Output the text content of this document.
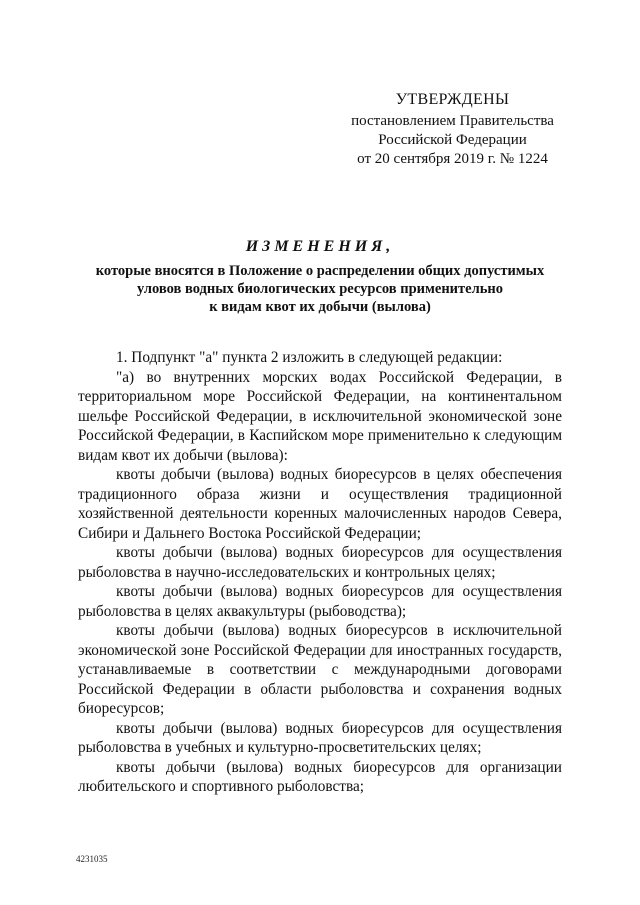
УТВЕРЖДЕНЫ
постановлением Правительства
Российской Федерации
от 20 сентября 2019 г. № 1224
ИЗМЕНЕНИЯ,
которые вносятся в Положение о распределении общих допустимых
уловов водных биологических ресурсов применительно
к видам квот их добычи (вылова)

1. Подпункт "а" пункта 2 изложить в следующей редакции:

"а) во внутренних морских водах Российской Федерации, в территориальном море Российской Федерации, на континентальном шельфе Российской Федерации, в исключительной экономической зоне Российской Федерации, в Каспийском море применительно к следующим видам квот их добычи (вылова):

квоты добычи (вылова) водных биоресурсов в целях обеспечения традиционного образа жизни и осуществления традиционной хозяйственной деятельности коренных малочисленных народов Севера, Сибири и Дальнего Востока Российской Федерации;

квоты добычи (вылова) водных биоресурсов для осуществления рыболовства в научно-исследовательских и контрольных целях;

квоты добычи (вылова) водных биоресурсов для осуществления рыболовства в целях аквакультуры (рыбоводства);

квоты добычи (вылова) водных биоресурсов в исключительной экономической зоне Российской Федерации для иностранных государств, устанавливаемые в соответствии с международными договорами Российской Федерации в области рыболовства и сохранения водных биоресурсов;

квоты добычи (вылова) водных биоресурсов для осуществления рыболовства в учебных и культурно-просветительских целях;

квоты добычи (вылова) водных биоресурсов для организации любительского и спортивного рыболовства;

4231035
